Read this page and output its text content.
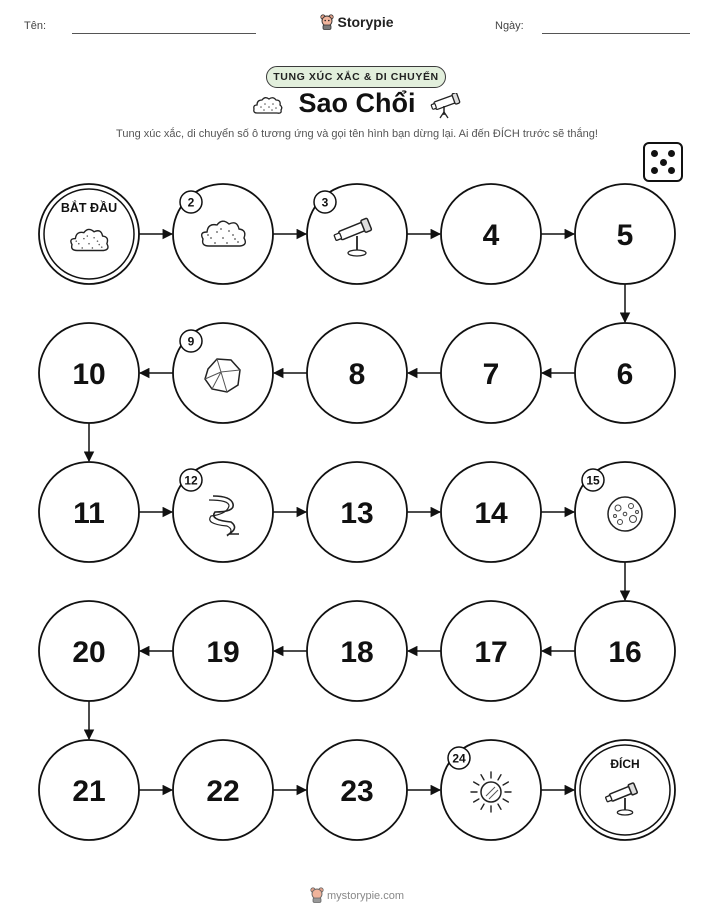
Tên:	Storypie	Ngày:
TUNG XÚC XẮC & DI CHUYỂN
Sao Chổi
Tung xúc xắc, di chuyển số ô tương ứng và gọi tên hình bạn dừng lại. Ai đến ĐÍCH trước sẽ thắng!
BẮT ĐẦU	2	3
4	5
6
7
8
9
10
11
12
13	14
15
16
17
18
19
20
21	22	23
24	ĐÍCH
mystorypie.com
